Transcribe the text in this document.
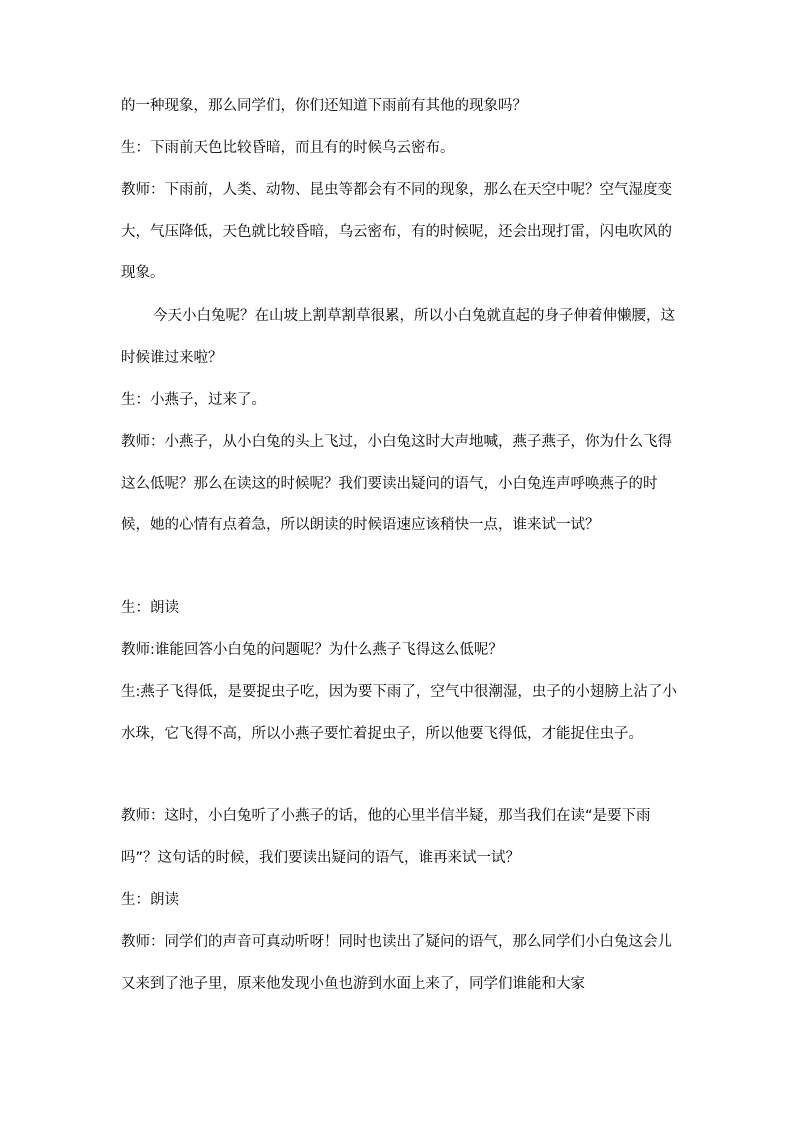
的一种现象，那么同学们，你们还知道下雨前有其他的现象吗？

生：下雨前天色比较昏暗，而且有的时候乌云密布。

教师：下雨前，人类、动物、昆虫等都会有不同的现象，那么在天空中呢？空气湿度变大，气压降低，天色就比较昏暗，乌云密布，有的时候呢，还会出现打雷，闪电吹风的现象。

今天小白兔呢？在山坡上割草割草很累，所以小白兔就直起的身子伸着伸懒腰，这时候谁过来啦？

生：小燕子，过来了。

教师：小燕子，从小白兔的头上飞过，小白兔这时大声地喊，燕子燕子，你为什么飞得这么低呢？那么在读这的时候呢？我们要读出疑问的语气，小白兔连声呼唤燕子的时候，她的心情有点着急，所以朗读的时候语速应该稍快一点，谁来试一试？

生：朗读

教师:谁能回答小白兔的问题呢？为什么燕子飞得这么低呢？

生:燕子飞得低，是要捉虫子吃，因为要下雨了，空气中很潮湿，虫子的小翅膀上沾了小水珠，它飞得不高，所以小燕子要忙着捉虫子，所以他要飞得低，才能捉住虫子。

教师：这时，小白兔听了小燕子的话，他的心里半信半疑，那当我们在读“是要下雨吗”？这句话的时候，我们要读出疑问的语气，谁再来试一试？

生：朗读

教师：同学们的声音可真动听呀！同时也读出了疑问的语气，那么同学们小白兔这会儿又来到了池子里，原来他发现小鱼也游到水面上来了，同学们谁能和大家
